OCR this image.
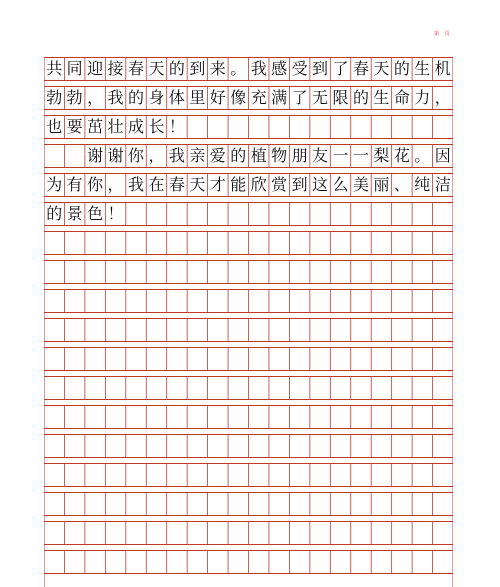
第 页
共 同 迎 接 春 天 的 到 来 。 我 感 受 到 了 春 天 的 生 机
勃 勃 ， 我 的 身 体 里 好 像 充 满 了 无 限 的 生 命 力 ，
也 要 茁 壮 成 长 ！
谢 谢 你 ， 我 亲 爱 的 植 物 朋 友 一 一 梨 花 。 因
为 有 你 ， 我 在 春 天 才 能 欣 赏 到 这 么 美 丽 、 纯 洁
的 景 色 ！
